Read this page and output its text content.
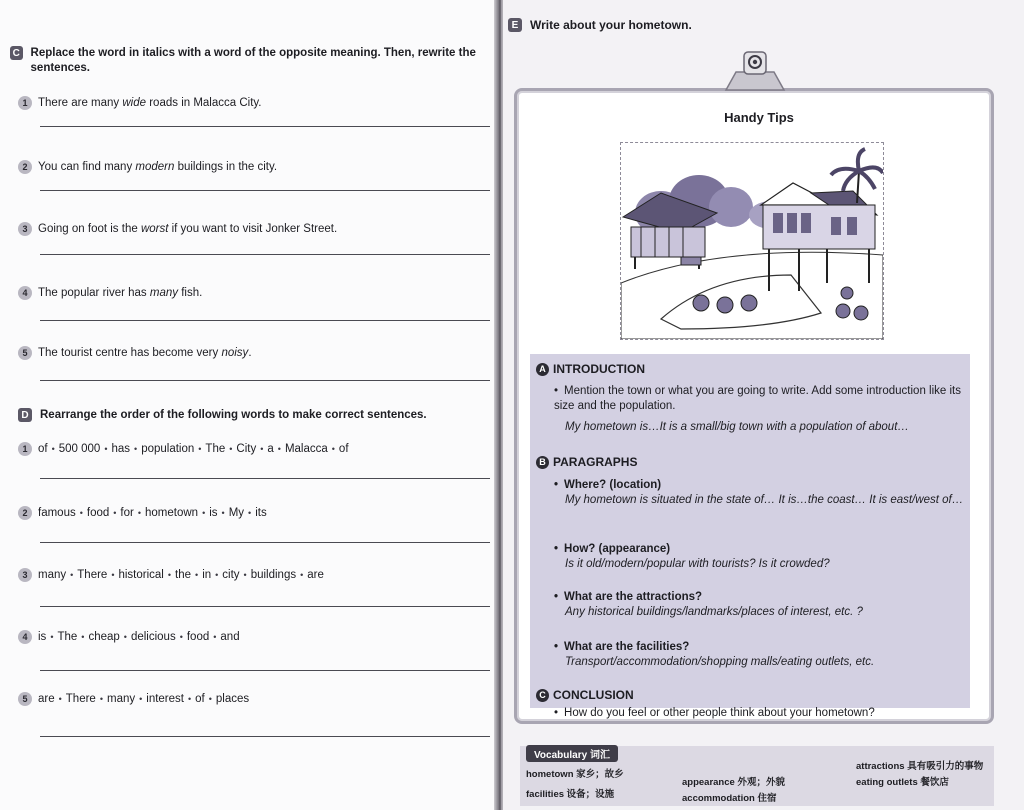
C Replace the word in italics with a word of the opposite meaning. Then, rewrite the sentences.
1 There are many wide roads in Malacca City.
2 You can find many modern buildings in the city.
3 Going on foot is the worst if you want to visit Jonker Street.
4 The popular river has many fish.
5 The tourist centre has become very noisy.
D Rearrange the order of the following words to make correct sentences.
1 of • 500 000 • has • population • The • City • a • Malacca • of
2 famous • food • for • hometown • is • My • its
3 many • There • historical • the • in • city • buildings • are
4 is • The • cheap • delicious • food • and
5 are • There • many • interest • of • places
E Write about your hometown.
Handy Tips
A INTRODUCTION
• Mention the town or what you are going to write. Add some introduction like its size and the population.
My hometown is…It is a small/big town with a population of about…
B PARAGRAPHS
• Where? (location)
My hometown is situated in the state of… It is…the coast… It is east/west of…
• How? (appearance)
Is it old/modern/popular with tourists? Is it crowded?
• What are the attractions?
Any historical buildings/landmarks/places of interest, etc. ?
• What are the facilities?
Transport/accommodation/shopping malls/eating outlets, etc.
C CONCLUSION
• How do you feel or other people think about your hometown?
Vocabulary 词汇
hometown 家乡；故乡
facilities 设备；设施
appearance 外观；外貌
accommodation 住宿
attractions 具有吸引力的事物
eating outlets 餐饮店
